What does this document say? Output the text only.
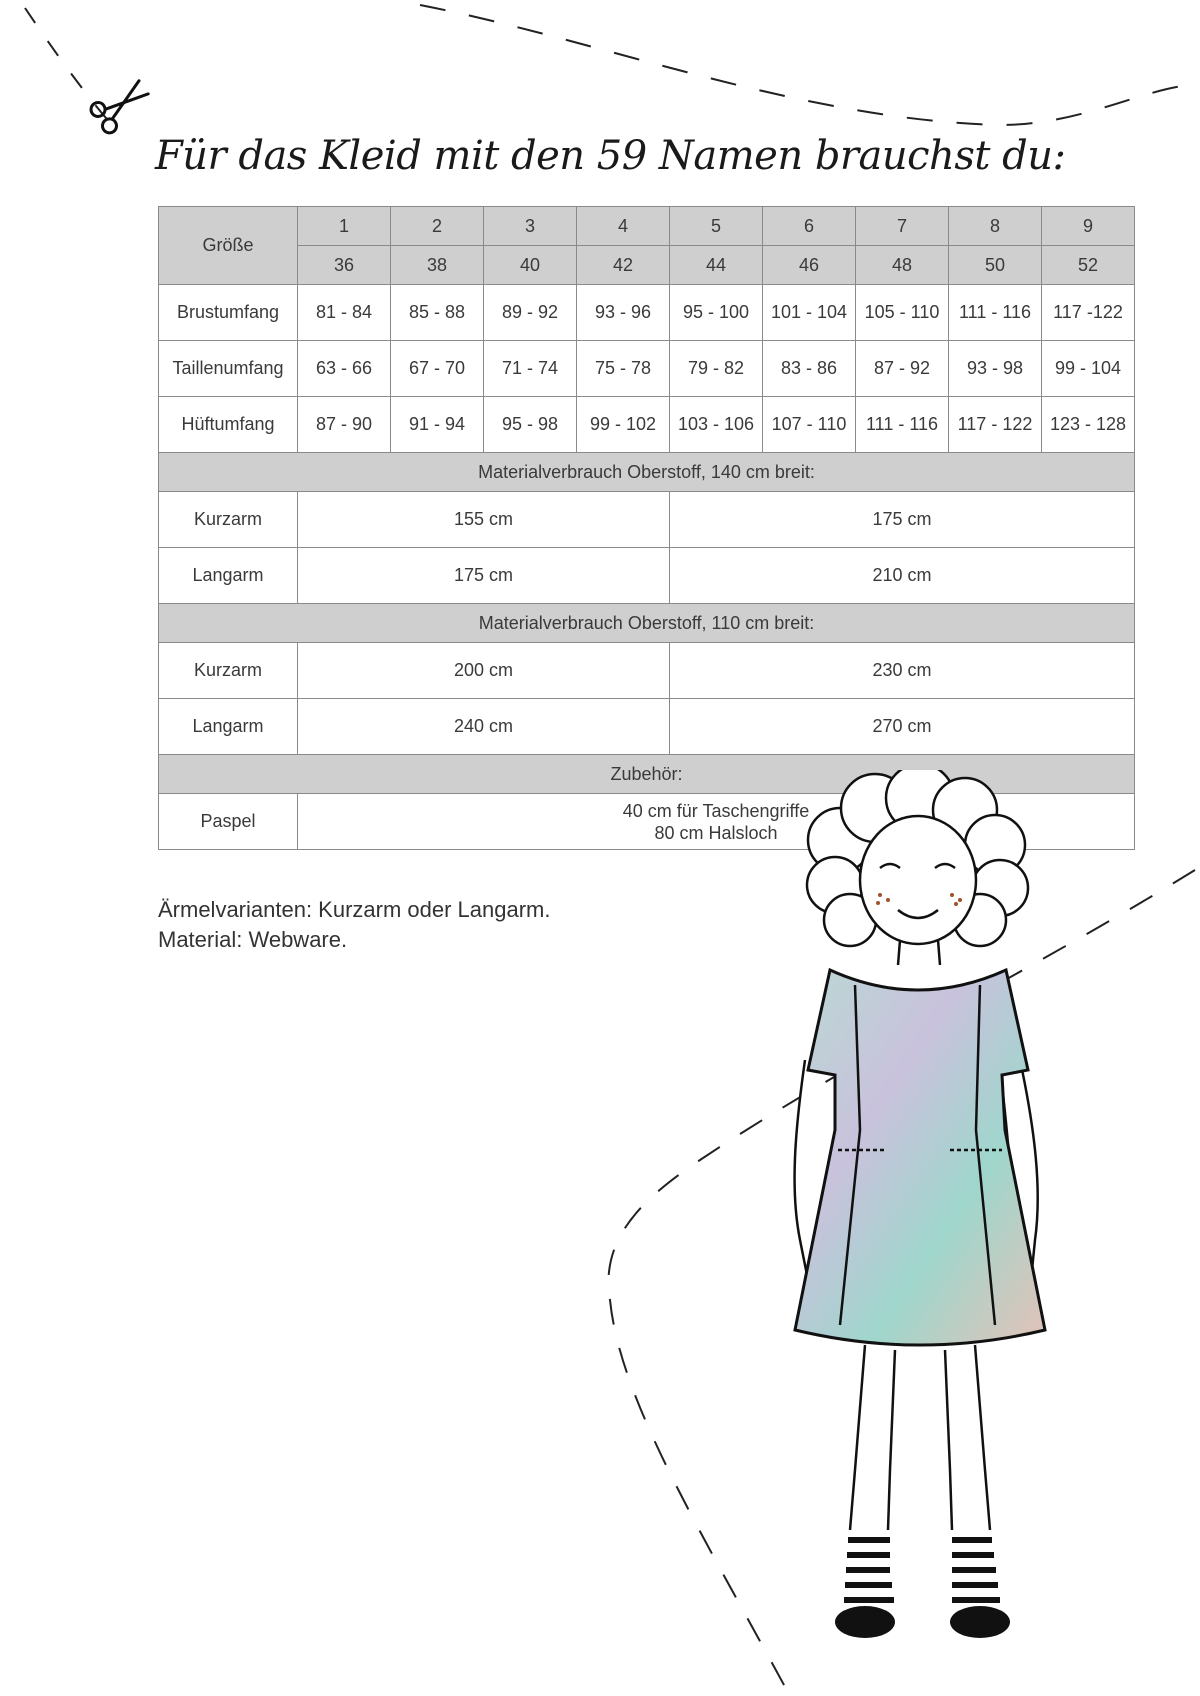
Für das Kleid mit den 59 Namen brauchst du:
Größe	1	2	3	4	5	6	7	8	9
	36	38	40	42	44	46	48	50	52
Brustumfang	81 - 84	85 - 88	89 - 92	93 - 96	95 - 100	101 - 104	105 - 110	111 - 116	117 -122
Taillenumfang	63 - 66	67 - 70	71 - 74	75 - 78	79 - 82	83 - 86	87 - 92	93 - 98	99 - 104
Hüftumfang	87 - 90	91 - 94	95 - 98	99 - 102	103 - 106	107 - 110	111 - 116	117 - 122	123 - 128
Materialverbrauch Oberstoff, 140 cm breit:									
Kurzarm	155 cm				175 cm				
Langarm	175 cm				210 cm				
Materialverbrauch Oberstoff, 110 cm breit:									
Kurzarm	200 cm				230 cm				
Langarm	240 cm				270 cm				
Zubehör:									
Paspel	40 cm für Taschengriffe
80 cm Halsloch								
Ärmelvarianten: Kurzarm oder Langarm.
Material: Webware.
